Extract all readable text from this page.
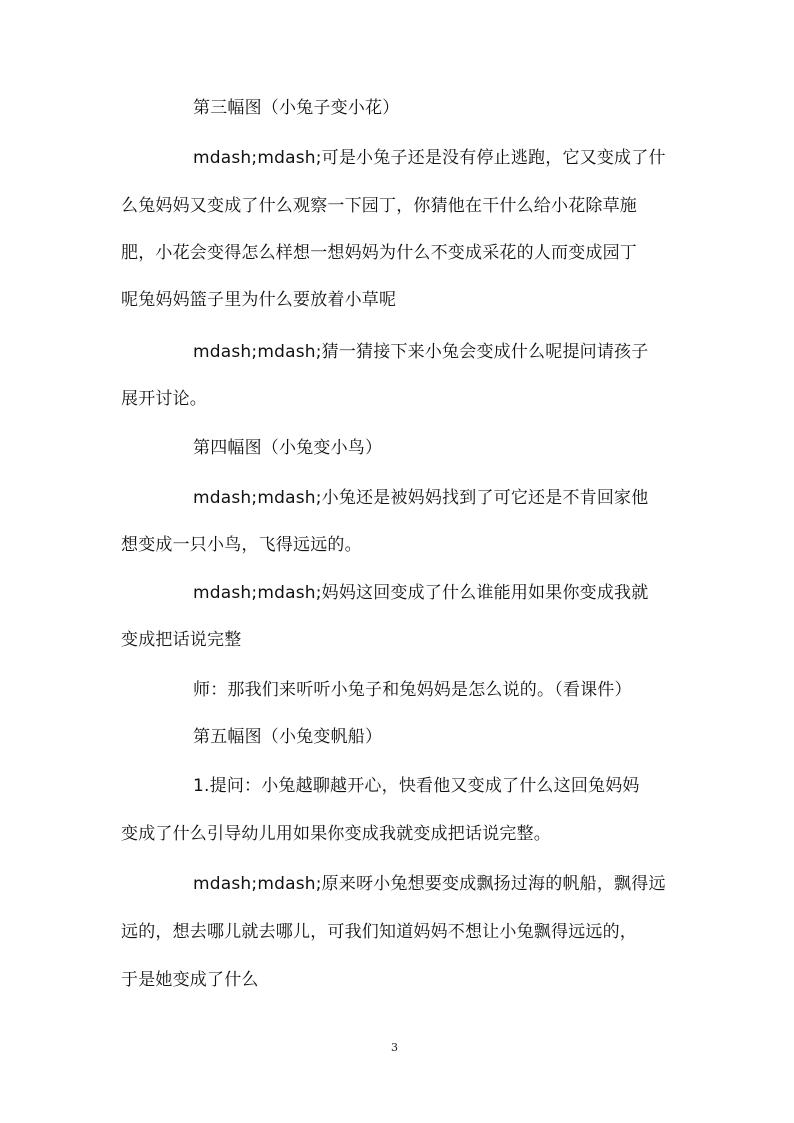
第三幅图（小兔子变小花）
mdash;mdash;可是小兔子还是没有停止逃跑，它又变成了什
么兔妈妈又变成了什么观察一下园丁，你猜他在干什么给小花除草施
肥，小花会变得怎么样想一想妈妈为什么不变成采花的人而变成园丁
呢兔妈妈篮子里为什么要放着小草呢
mdash;mdash;猜一猜接下来小兔会变成什么呢提问请孩子
展开讨论。
第四幅图（小兔变小鸟）
mdash;mdash;小兔还是被妈妈找到了可它还是不肯回家他
想变成一只小鸟，飞得远远的。
mdash;mdash;妈妈这回变成了什么谁能用如果你变成我就
变成把话说完整
师：那我们来听听小兔子和兔妈妈是怎么说的。（看课件）
第五幅图（小兔变帆船）
1.提问：小兔越聊越开心，快看他又变成了什么这回兔妈妈
变成了什么引导幼儿用如果你变成我就变成把话说完整。
mdash;mdash;原来呀小兔想要变成飘扬过海的帆船，飘得远
远的，想去哪儿就去哪儿，可我们知道妈妈不想让小兔飘得远远的，
于是她变成了什么
3
